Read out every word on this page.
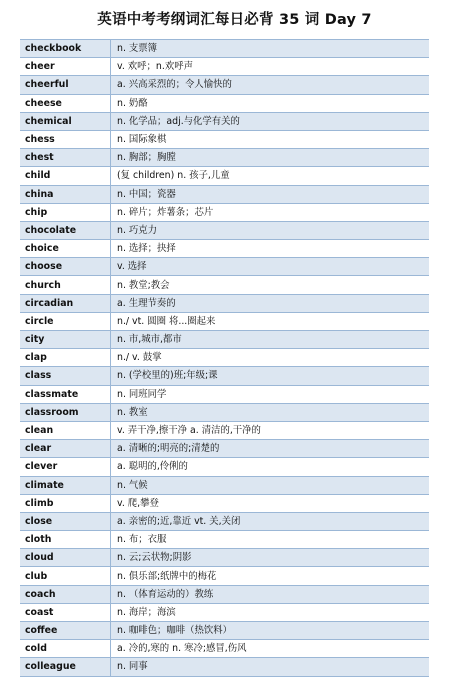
英语中考考纲词汇每日必背 35 词 Day 7
checkbook	n. 支票簿
cheer	v. 欢呼；n.欢呼声
cheerful	a. 兴高采烈的；令人愉快的
cheese	n. 奶酪
chemical	n. 化学品；adj.与化学有关的
chess	n. 国际象棋
chest	n. 胸部；胸膛
child	(复 children) n. 孩子,儿童
china	n. 中国；瓷器
chip	n. 碎片；炸薯条；芯片
chocolate	n. 巧克力
choice	n. 选择；抉择
choose	v. 选择
church	n. 教堂;教会
circadian	a. 生理节奏的
circle	n./ vt. 圆圈 将...圈起来
city	n. 市,城市,都市
clap	n./ v. 鼓掌
class	n. (学校里的)班;年级;课
classmate	n. 同班同学
classroom	n. 教室
clean	v. 弄干净,擦干净 a. 清洁的,干净的
clear	a. 清晰的;明亮的;清楚的
clever	a. 聪明的,伶俐的
climate	n. 气候
climb	v. 爬,攀登
close	a. 亲密的;近,靠近 vt. 关,关闭
cloth	n. 布；衣服
cloud	n. 云;云状物;阴影
club	n. 俱乐部;纸牌中的梅花
coach	n. （体育运动的）教练
coast	n. 海岸；海滨
coffee	n. 咖啡色；咖啡（热饮料）
cold	a. 冷的,寒的 n. 寒冷;感冒,伤风
colleague	n. 同事
